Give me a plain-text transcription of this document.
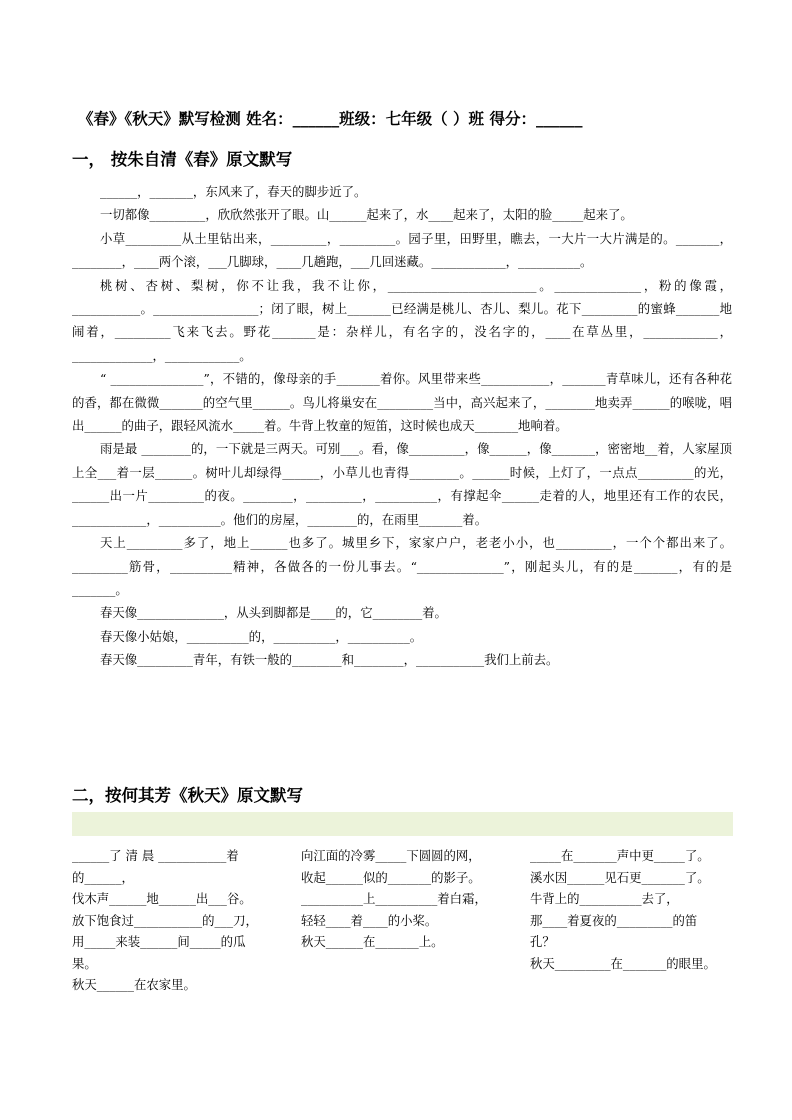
《春》《秋天》默写检测 姓名：______班级：七年级（ ）班 得分：______
一， 按朱自清《春》原文默写

______，_______，东风来了，春天的脚步近了。

一切都像_________，欣欣然张开了眼。山______起来了，水____起来了，太阳的脸_____起来了。

小草_________从土里钻出来，_________，_________。园子里，田野里，瞧去，一大片一大片满是的。_______，________，____两个滚，___几脚球，____几趟跑，___几回迷藏。____________，__________。

桃树、杏树、梨树，你不让我，我不让你，________________________。______________，粉的像霞，___________。_________________；闭了眼，树上_______已经满是桃儿、杏儿、梨儿。花下_________的蜜蜂_______地闹着，_________飞来飞去。野花_______是：杂样儿，有名字的，没名字的，____在草丛里，____________，_____________，____________。

“ _______________”，不错的，像母亲的手_______着你。风里带来些___________，_______青草味儿，还有各种花的香，都在微微_______的空气里______。鸟儿将巢安在_________当中，高兴起来了，________地卖弄______的喉咙，唱出______的曲子，跟轻风流水_____着。牛背上牧童的短笛，这时候也成天_______地响着。

雨是最 ________的，一下就是三两天。可别___。看，像_________，像______，像_______，密密地__着，人家屋顶上全___着一层______。树叶儿却绿得______，小草儿也青得________。______时候，上灯了，一点点_________的光，______出一片_________的夜。________，_________，__________，有撑起伞______走着的人，地里还有工作的农民，____________，__________。他们的房屋，________的，在雨里_______着。

天上_________多了，地上______也多了。城里乡下，家家户户，老老小小，也_________，一个个都出来了。_________筋骨，__________精神，各做各的一份儿事去。“______________”，刚起头儿，有的是_______，有的是_______。

春天像______________，从头到脚都是____的，它________着。

春天像小姑娘，__________的，__________，__________。

春天像_________青年，有铁一般的________和________，___________我们上前去。

二，按何其芳《秋天》原文默写

______了 清 晨 ___________着

的______，

伐木声______地______出___谷。

放下饱食过___________的___刀，

用_____来装______间_____的瓜

果。

秋天______在农家里。

向江面的冷雾_____下圆圆的网，

收起______似的_______的影子。

__________上__________着白霜，

轻轻____着____的小桨。

秋天______在_______上。

_____在_______声中更_____了。

溪水因______见石更_______了。

牛背上的__________去了，

那____着夏夜的_________的笛

孔？

秋天_________在_______的眼里。
